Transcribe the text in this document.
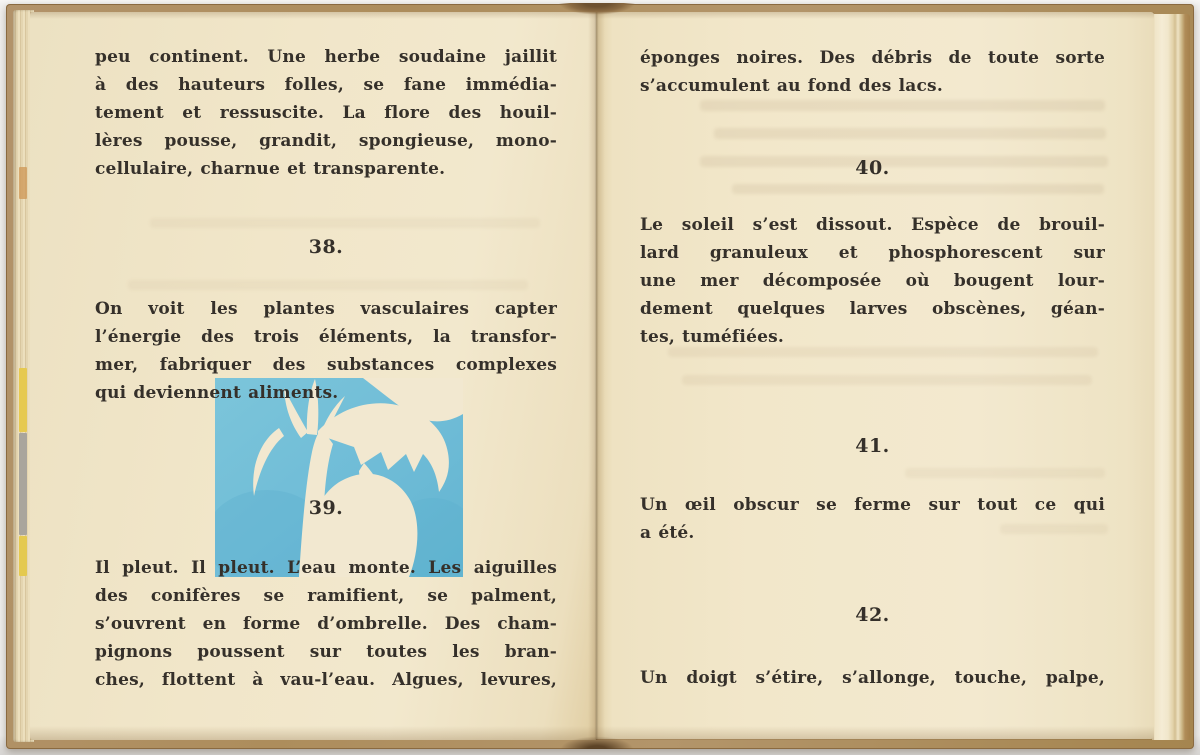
peu continent. Une herbe soudaine jaillit
à des hauteurs folles, se fane immédia-
tement et ressuscite. La flore des houil-
lères pousse, grandit, spongieuse, mono-
cellulaire, charnue et transparente.
38.
On voit les plantes vasculaires capter
l’énergie des trois éléments, la transfor-
mer, fabriquer des substances complexes
qui deviennent aliments.
39.
Il pleut. Il pleut. L’eau monte. Les aiguilles
des conifères se ramifient, se palment,
s’ouvrent en forme d’ombrelle. Des cham-
pignons poussent sur toutes les bran-
ches, flottent à vau-l’eau. Algues, levures,
éponges noires. Des débris de toute sorte
s’accumulent au fond des lacs.
40.
Le soleil s’est dissout. Espèce de brouil-
lard granuleux et phosphorescent sur
une mer décomposée où bougent lour-
dement quelques larves obscènes, géan-
tes, tuméfiées.
41.
Un œil obscur se ferme sur tout ce qui
a été.
42.
Un doigt s’étire, s’allonge, touche, palpe,
